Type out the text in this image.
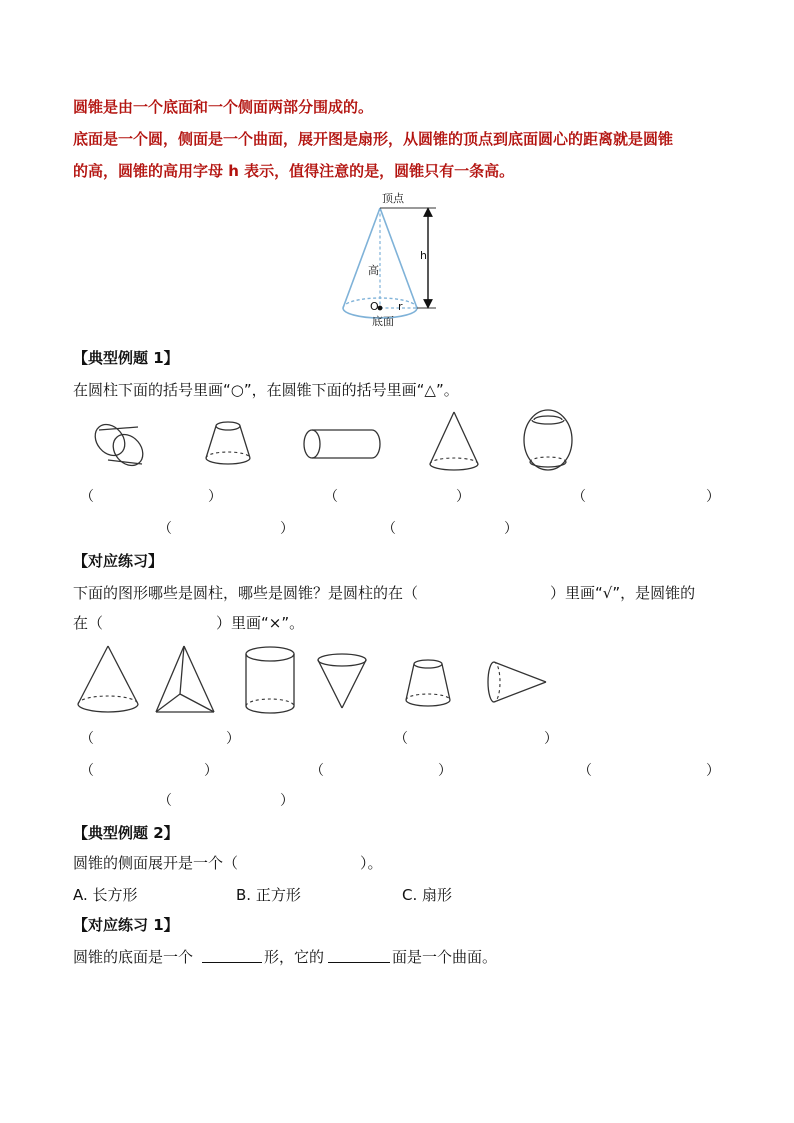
圆锥是由一个底面和一个侧面两部分围成的。
底面是一个圆，侧面是一个曲面，展开图是扇形，从圆锥的顶点到底面圆心的距离就是圆锥
的高，圆锥的高用字母 h 表示，值得注意的是，圆锥只有一条高。
顶点
高
h
O r
底面
【典型例题 1】
在圆柱下面的括号里画“○”，在圆锥下面的括号里画“△”。
（	）	（	）	（	）
（	）	（	）
【对应练习】
下面的图形哪些是圆柱，哪些是圆锥？是圆柱的在（	）里画“√”，是圆锥的
在（	）里画“×”。
（	）	（	）
（	）	（	）	（	）
（	）
【典型例题 2】
圆锥的侧面展开是一个（	）。
A. 长方形	B. 正方形	C. 扇形
【对应练习 1】
圆锥的底面是一个	形，它的	面是一个曲面。
